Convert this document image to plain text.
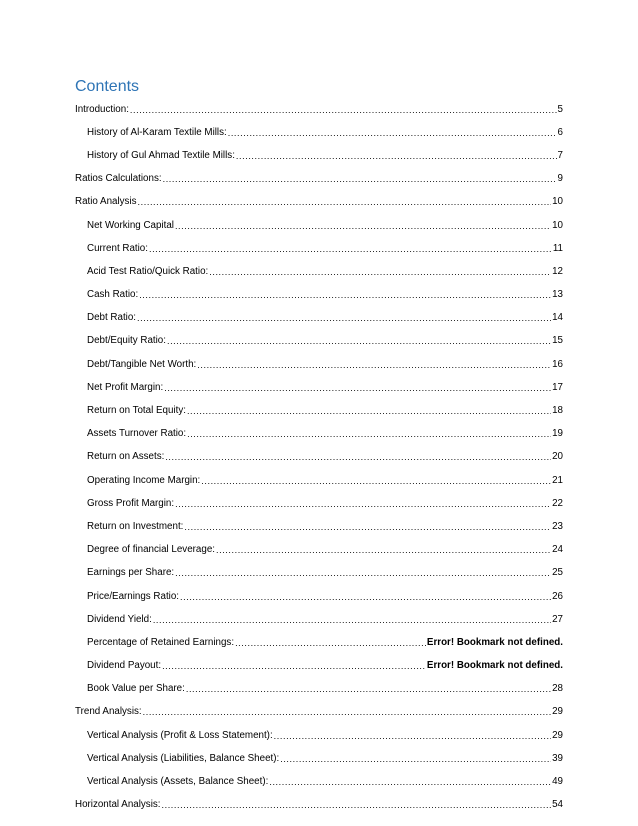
Contents
Introduction: .....	5
History of Al-Karam Textile Mills: .....	6
History of Gul Ahmad Textile Mills: .....	7
Ratios Calculations: .....	9
Ratio Analysis .....	10
Net Working Capital .....	10
Current Ratio: .....	11
Acid Test Ratio/Quick Ratio: .....	12
Cash Ratio: .....	13
Debt Ratio: .....	14
Debt/Equity Ratio: .....	15
Debt/Tangible Net Worth: .....	16
Net Profit Margin: .....	17
Return on Total Equity: .....	18
Assets Turnover Ratio: .....	19
Return on Assets: .....	20
Operating Income Margin: .....	21
Gross Profit Margin: .....	22
Return on Investment: .....	23
Degree of financial Leverage: .....	24
Earnings per Share: .....	25
Price/Earnings Ratio: .....	26
Dividend Yield: .....	27
Percentage of Retained Earnings: .....	Error! Bookmark not defined.
Dividend Payout: .....	Error! Bookmark not defined.
Book Value per Share: .....	28
Trend Analysis: .....	29
Vertical Analysis (Profit & Loss Statement): .....	29
Vertical Analysis (Liabilities, Balance Sheet): .....	39
Vertical Analysis (Assets, Balance Sheet): .....	49
Horizontal Analysis: .....	54
